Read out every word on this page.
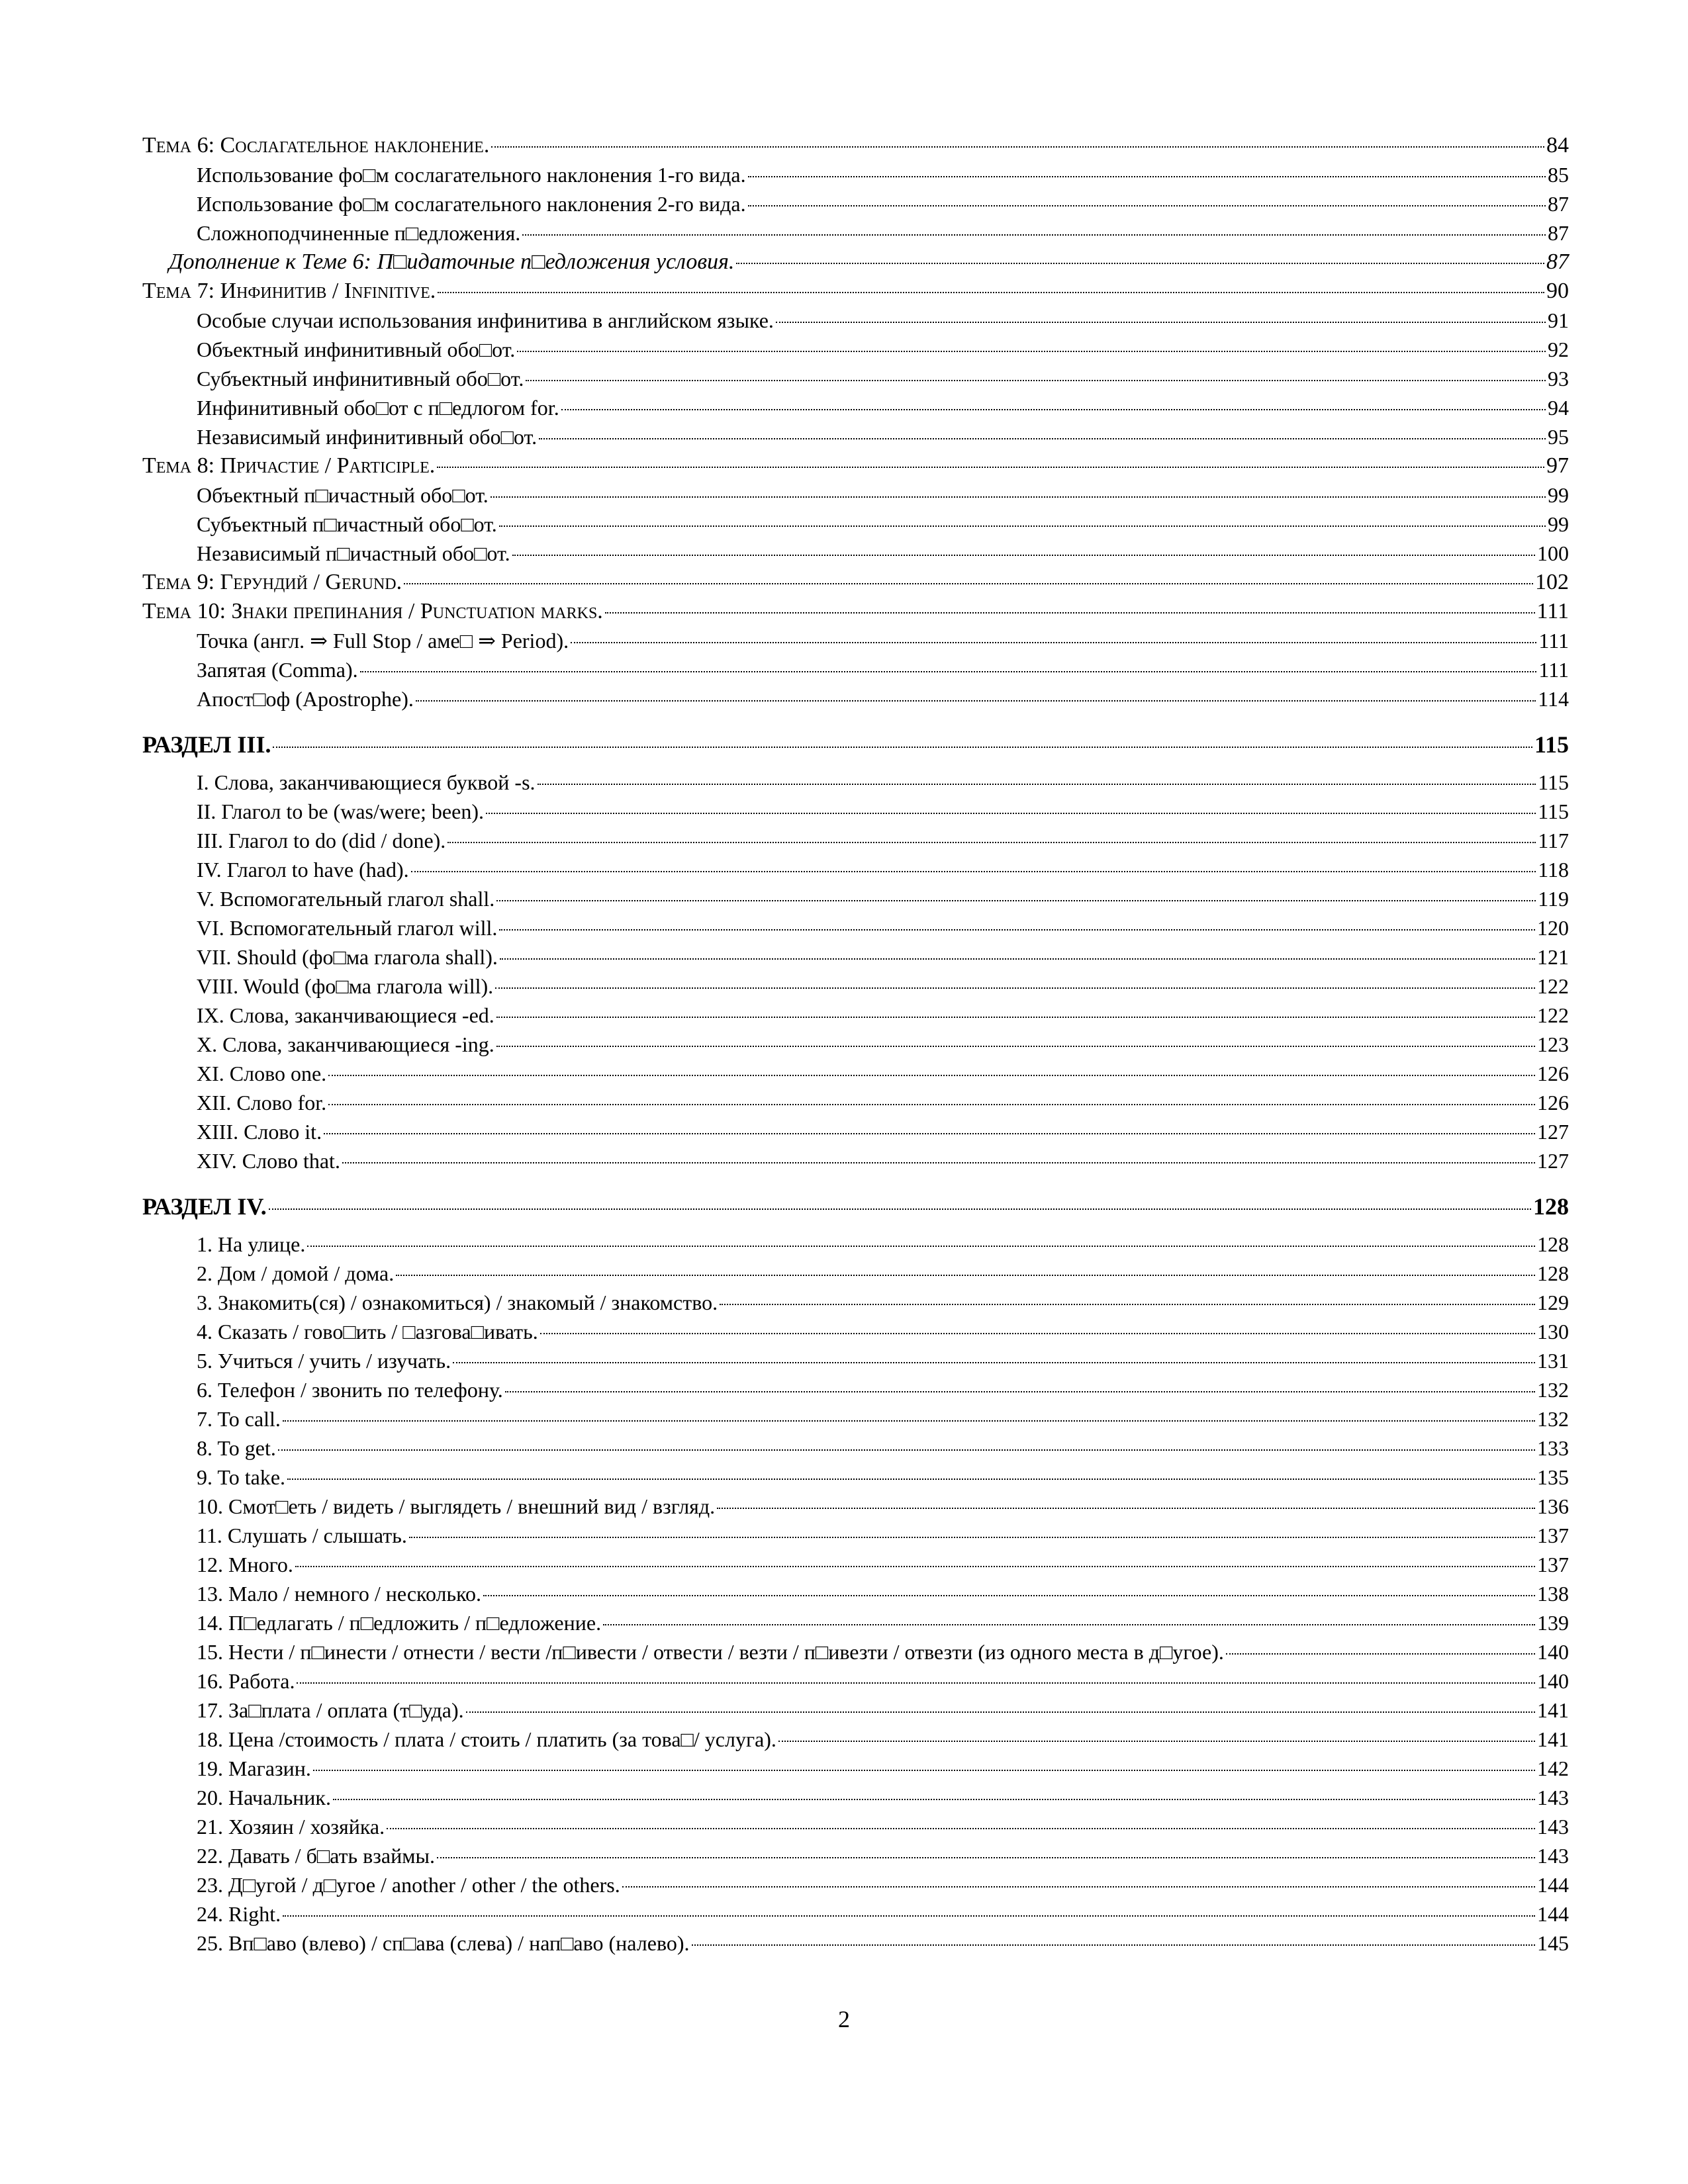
Тема 6: Сослагательное наклонение.	84
Использование фо□м сослагательного наклонения 1-го вида.	85
Использование фо□м сослагательного наклонения 2-го вида.	87
Сложноподчиненные п□едложения.	87
Дополнение к Теме 6: П□идаточные п□едложения условия.	87
Тема 7: Инфинитив / Infinitive.	90
Особые случаи использования инфинитива в английском языке.	91
Объектный инфинитивный обо□от.	92
Субъектный инфинитивный обо□от.	93
Инфинитивный обо□от с п□едлогом for.	94
Независимый инфинитивный обо□от.	95
Тема 8: Причастие / Participle.	97
Объектный п□ичастный обо□от.	99
Субъектный п□ичастный обо□от.	99
Независимый п□ичастный обо□от.	100
Тема 9: Герундий / Gerund.	102
Тема 10: Знаки препинания / Punctuation marks.	111
Точка (англ. ⇒ Full Stop / аме□ ⇒ Period).	111
Запятая (Comma).	111
Апост□оф (Apostrophe).	114
РАЗДЕЛ III.	115
I. Слова, заканчивающиеся буквой -s.	115
II. Глагол to be (was/were; been).	115
III. Глагол to do (did / done).	117
IV. Глагол to have (had).	118
V. Вспомогательный глагол shall.	119
VI. Вспомогательный глагол will.	120
VII. Should (фо□ма глагола shall).	121
VIII. Would (фо□ма глагола will).	122
IX. Слова, заканчивающиеся -ed.	122
X. Слова, заканчивающиеся -ing.	123
XI. Слово one.	126
XII. Слово for.	126
XIII. Слово it.	127
XIV. Слово that.	127
РАЗДЕЛ IV.	128
1. На улице.	128
2. Дом / домой / дома.	128
3. Знакомить(ся) / ознакомиться) / знакомый / знакомство.	129
4. Сказать / гово□ить / □азгова□ивать.	130
5. Учиться / учить / изучать.	131
6. Телефон / звонить по телефону.	132
7. To call.	132
8. To get.	133
9. To take.	135
10. Смот□еть / видеть / выглядеть / внешний вид / взгляд.	136
11. Слушать / слышать.	137
12. Много.	137
13. Мало / немного / несколько.	138
14. П□едлагать / п□едложить / п□едложение.	139
15. Нести / п□инести / отнести / вести /п□ивести / отвести / везти / п□ивезти / отвезти (из одного места в д□угое).	140
16. Работа.	140
17. За□плата / оплата (т□уда).	141
18. Цена /стоимость / плата / стоить / платить (за това□/ услуга).	141
19. Магазин.	142
20. Начальник.	143
21. Хозяин / хозяйка.	143
22. Давать / б□ать взаймы.	143
23. Д□угой / д□угое / another / other / the others.	144
24. Right.	144
25. Вп□аво (влево) / сп□ава (слева) / нап□аво (налево).	145
2
